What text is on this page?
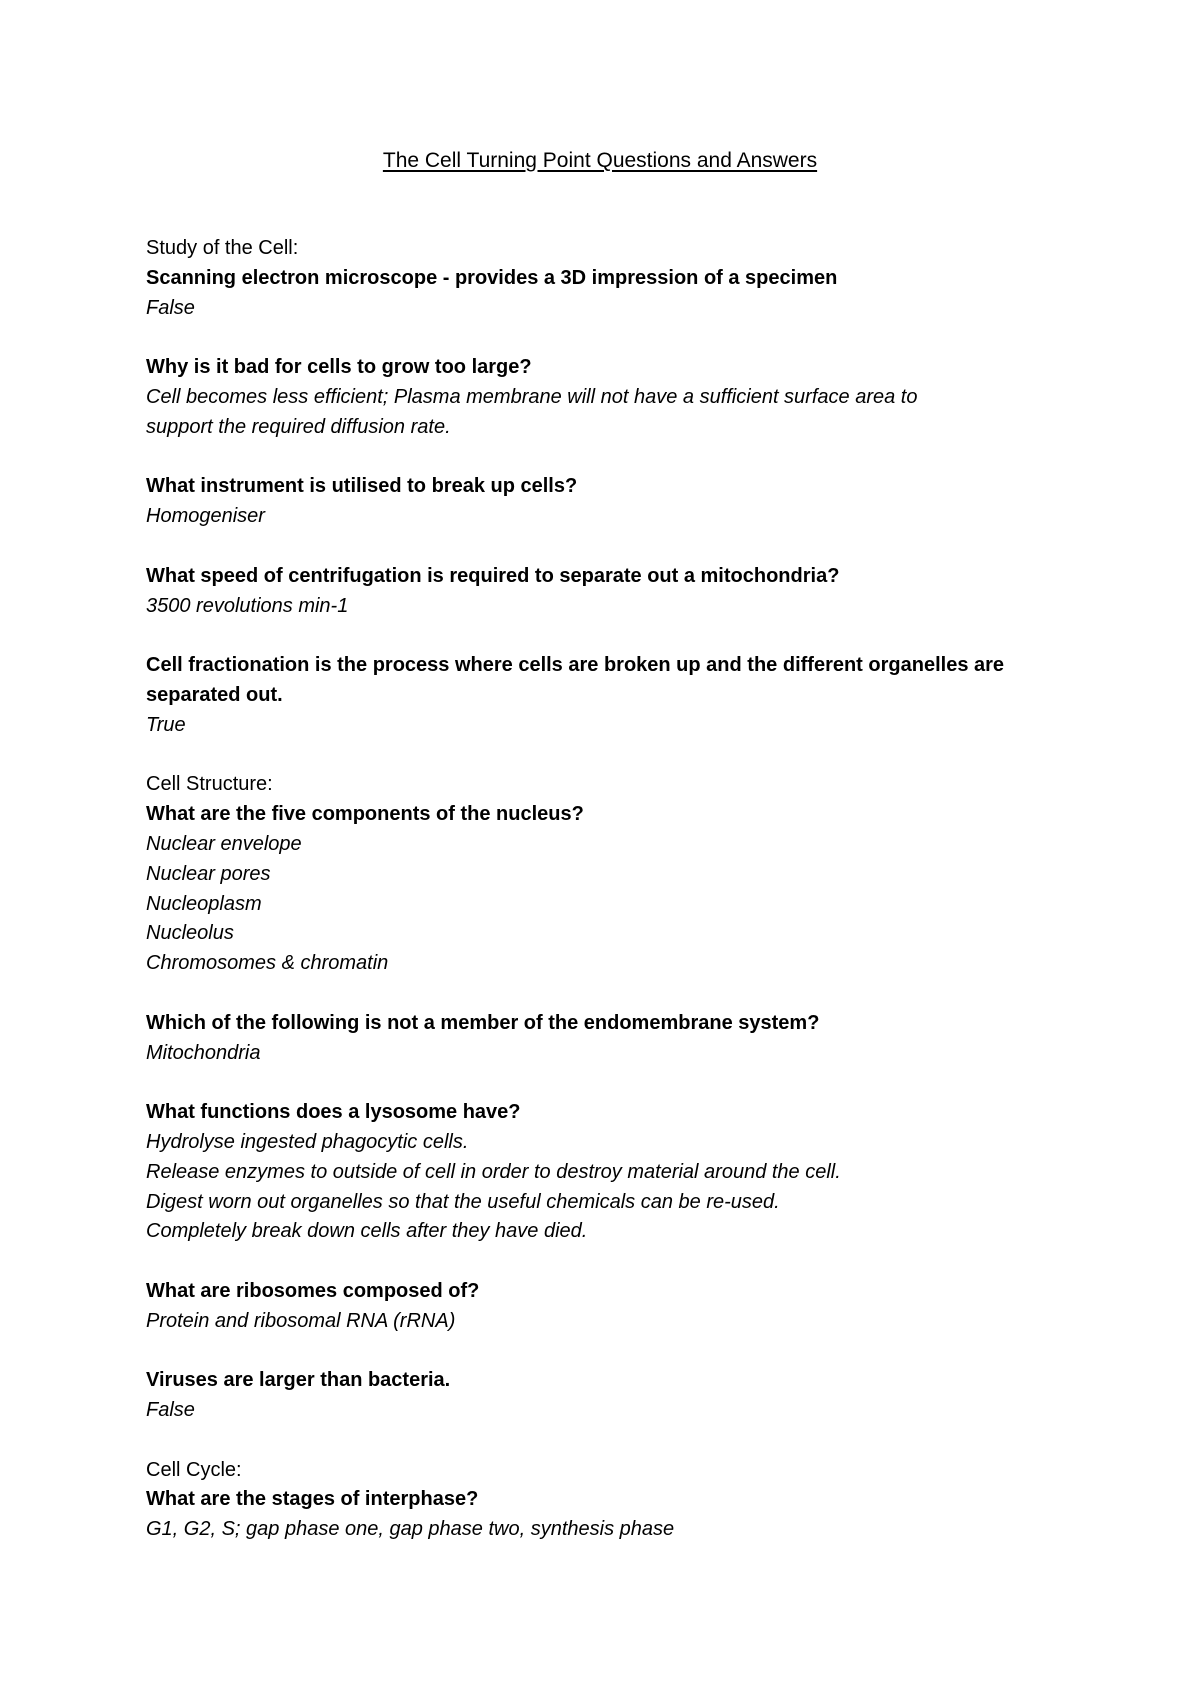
The Cell Turning Point Questions and Answers

Study of the Cell:

Scanning electron microscope - provides a 3D impression of a specimen

False

Why is it bad for cells to grow too large?

Cell becomes less efficient; Plasma membrane will not have a sufficient surface area to support the required diffusion rate.

What instrument is utilised to break up cells?

Homogeniser

What speed of centrifugation is required to separate out a mitochondria?

3500 revolutions min-1

Cell fractionation is the process where cells are broken up and the different organelles are separated out.

True

Cell Structure:

What are the five components of the nucleus?

Nuclear envelope

Nuclear pores

Nucleoplasm

Nucleolus

Chromosomes & chromatin

Which of the following is not a member of the endomembrane system?

Mitochondria

What functions does a lysosome have?

Hydrolyse ingested phagocytic cells.

Release enzymes to outside of cell in order to destroy material around the cell.

Digest worn out organelles so that the useful chemicals can be re-used.

Completely break down cells after they have died.

What are ribosomes composed of?

Protein and ribosomal RNA (rRNA)

Viruses are larger than bacteria.

False

Cell Cycle:

What are the stages of interphase?

G1, G2, S; gap phase one, gap phase two, synthesis phase
